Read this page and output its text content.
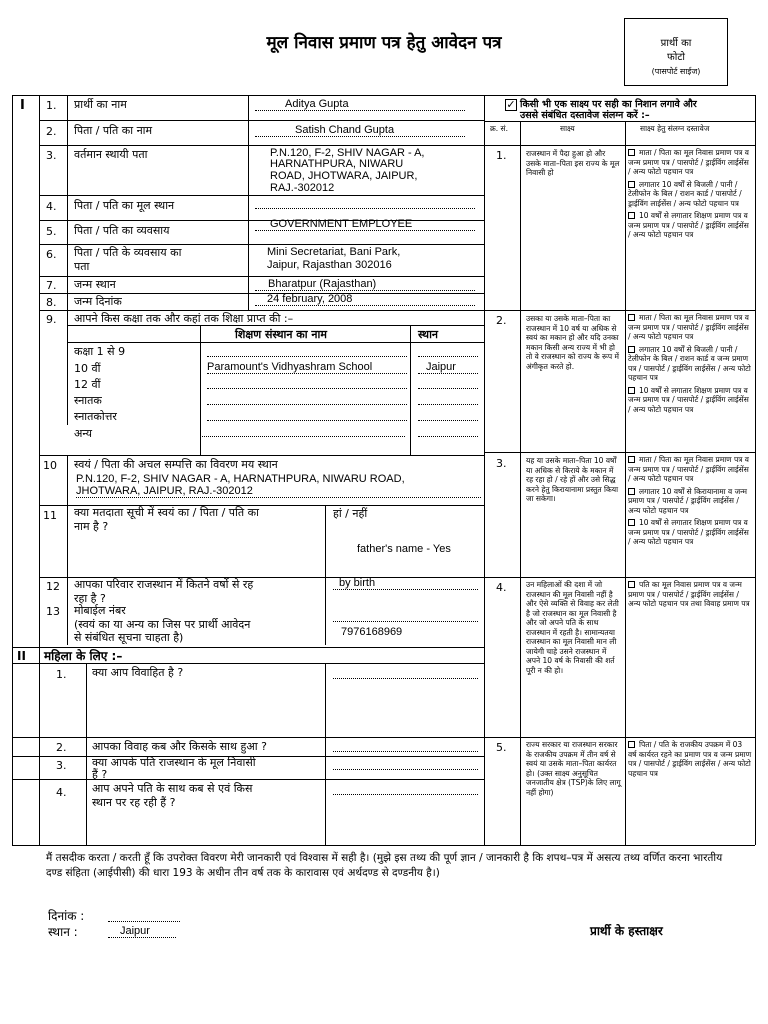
मूल निवास प्रमाण पत्र हेतु आवेदन पत्र	प्रार्थी का
फोटो
(पासपोर्ट साईज)
I 1. प्रार्थी का नाम	Aditya Gupta
2. पिता / पति का नाम	Satish Chand Gupta
3. वर्तमान स्थायी पता	P.N.120, F-2, SHIV NAGAR - A,
HARNATHPURA, NIWARU
ROAD, JHOTWARA, JAIPUR,
RAJ.-302012
4. पिता / पति का मूल स्थान
5. पिता / पति का व्यवसाय	GOVERNMENT EMPLOYEE
6. पिता / पति के व्यवसाय का
पता
Mini Secretariat, Bani Park,
Jaipur, Rajasthan 302016
7. जन्म स्थान	Bharatpur (Rajasthan)
8. जन्म दिनांक	24 february, 2008
9. आपने किस कक्षा तक और कहां तक शिक्षा प्राप्त की :–
शिक्षण संस्थान का नाम	स्थान
कक्षा 1 से 9
10 वीं	Paramount's Vidhyashram School	Jaipur
12 वीं
स्नातक
स्नातकोत्तर
अन्य
10 स्वयं / पिता की अचल सम्पत्ति का विवरण मय स्थान
P.N.120, F-2, SHIV NAGAR - A, HARNATHPURA, NIWARU ROAD,
JHOTWARA, JAIPUR, RAJ.-302012
11 क्या मतदाता सूची में स्वयं का / पिता / पति का
नाम है ?
हां / नहीं
father's name - Yes
12 आपका परिवार राजस्थान में कितने वर्षो से रह
रहा है ?
by birth
13 मोबाईल नंबर
(स्वयं का या अन्य का जिस पर प्रार्थी आवेदन
से संबंधित सूचना चाहता है)	7976168969
II महिला के लिए :–
1. क्या आप विवाहित है ?
2. आपका विवाह कब और किसके साथ हुआ ?
3. क्या आपके पति राजस्थान के मूल निवासी
हैं ?
4. आप अपने पति के साथ कब से एवं किस
स्थान पर रह रही हैं ?
✓ किसी भी एक साक्ष्य पर सही का निशान लगावे और
उससे संबंधित दस्तावेज संलग्न करें :–
क्र. सं.	साक्ष्य	साक्ष्य हेतु संलग्न दस्तावेज
1.	राजस्थान में पैदा हुआ हो और उसके माता–पिता इस राज्य के मूल निवासी हो
माता / पिता का मूल निवास प्रमाण पत्र व जन्म प्रमाण पत्र / पासपोर्ट / ड्राईविंग लाईसेंस / अन्य फोटो पहचान पत्र
लगातार 10 वर्षों से बिजली / पानी / टेलीफोन के बिल / राशन कार्ड / पासपोर्ट / ड्राईविंग लाईसेंस / अन्य फोटो पहचान पत्र
10 वर्षों से लगातार शिक्षण प्रमाण पत्र व जन्म प्रमाण पत्र / पासपोर्ट / ड्राईविंग लाईसेंस / अन्य फोटो पहचान पत्र
2.	उसका या उसके माता–पिता का राजस्थान में 10 वर्ष या अधिक से स्वयं का मकान हो और यदि उनका मकान किसी अन्य राज्य में भी हो तो वे राजस्थान को राज्य के रूप में अंगीकृत करते हो.
माता / पिता का मूल निवास प्रमाण पत्र व जन्म प्रमाण पत्र / पासपोर्ट / ड्राईविंग लाईसेंस / अन्य फोटो पहचान पत्र
लगातार 10 वर्षों से बिजली / पानी / टेलीफोन के बिल / राशन कार्ड व जन्म प्रमाण पत्र / पासपोर्ट / ड्राईविंग लाईसेंस / अन्य फोटो पहचान पत्र
10 वर्षों से लगातार शिक्षण प्रमाण पत्र व जन्म प्रमाण पत्र / पासपोर्ट / ड्राईविंग लाईसेंस / अन्य फोटो पहचान पत्र
3.	यह या उसके माता–पिता 10 वर्षों या अधिक से किराये के मकान में रह रहा हो / रहे हों और उसे सिद्ध करने हेतु किरायानामा प्रस्तुत किया जा सकेगा।
माता / पिता का मूल निवास प्रमाण पत्र व जन्म प्रमाण पत्र / पासपोर्ट / ड्राईविंग लाईसेंस / अन्य फोटो पहचान पत्र
लगातार 10 वर्षों से किरायानामा व जन्म प्रमाण पत्र / पासपोर्ट / ड्राईविंग लाईसेंस / अन्य फोटो पहचान पत्र
10 वर्षों से लगातार शिक्षण प्रमाण पत्र व जन्म प्रमाण पत्र / पासपोर्ट / ड्राईविंग लाईसेंस / अन्य फोटो पहचान पत्र
4.	उन महिलाओं की दशा में जो राजस्थान की मूल निवासी नहीं है और ऐसे व्यक्ति से विवाह कर लेती है जो राजस्थान का मूल निवासी है और जो अपने पति के साथ राजस्थान में रहती है। सामान्यतया राजस्थान का मूल निवासी मान ली जायेगी चाहे उसने राजस्थान में अपने 10 वर्ष के निवासी की शर्त पूरी न की हो।
पति का मूल निवास प्रमाण पत्र व जन्म प्रमाण पत्र / पासपोर्ट / ड्राईविंग लाईसेंस / अन्य फोटो पहचान पत्र तथा विवाह प्रमाण पत्र
5.	राज्य सरकार या राजस्थान सरकार के राजकीय उपक्रम में तीन वर्ष से स्वयं या उसके माता–पिता कार्यरत हो। (उक्त साक्ष्य अनुसूचित जनजातीय क्षेत्र (TSP)के लिए लागू नहीं होगा)
पिता / पति के राजकीय उपक्रम में 03 वर्ष कार्यरत रहने का प्रमाण पत्र व जन्म प्रमाण पत्र / पासपोर्ट / ड्राईविंग लाईसेंस / अन्य फोटो पहचान पत्र
मैं तसदीक करता / करती हूँ कि उपरोक्त विवरण मेरी जानकारी एवं विश्वास में सही है। (मुझे इस तथ्य की पूर्ण ज्ञान / जानकारी है कि शपथ–पत्र में असत्य तथ्य वर्णित करना भारतीय दण्ड संहिता (आईपीसी) की धारा 193 के अधीन तीन वर्ष तक के कारावास एवं अर्थदण्ड से दण्डनीय है।)
दिनांक :
स्थान :	Jaipur	प्रार्थी के हस्ताक्षर
